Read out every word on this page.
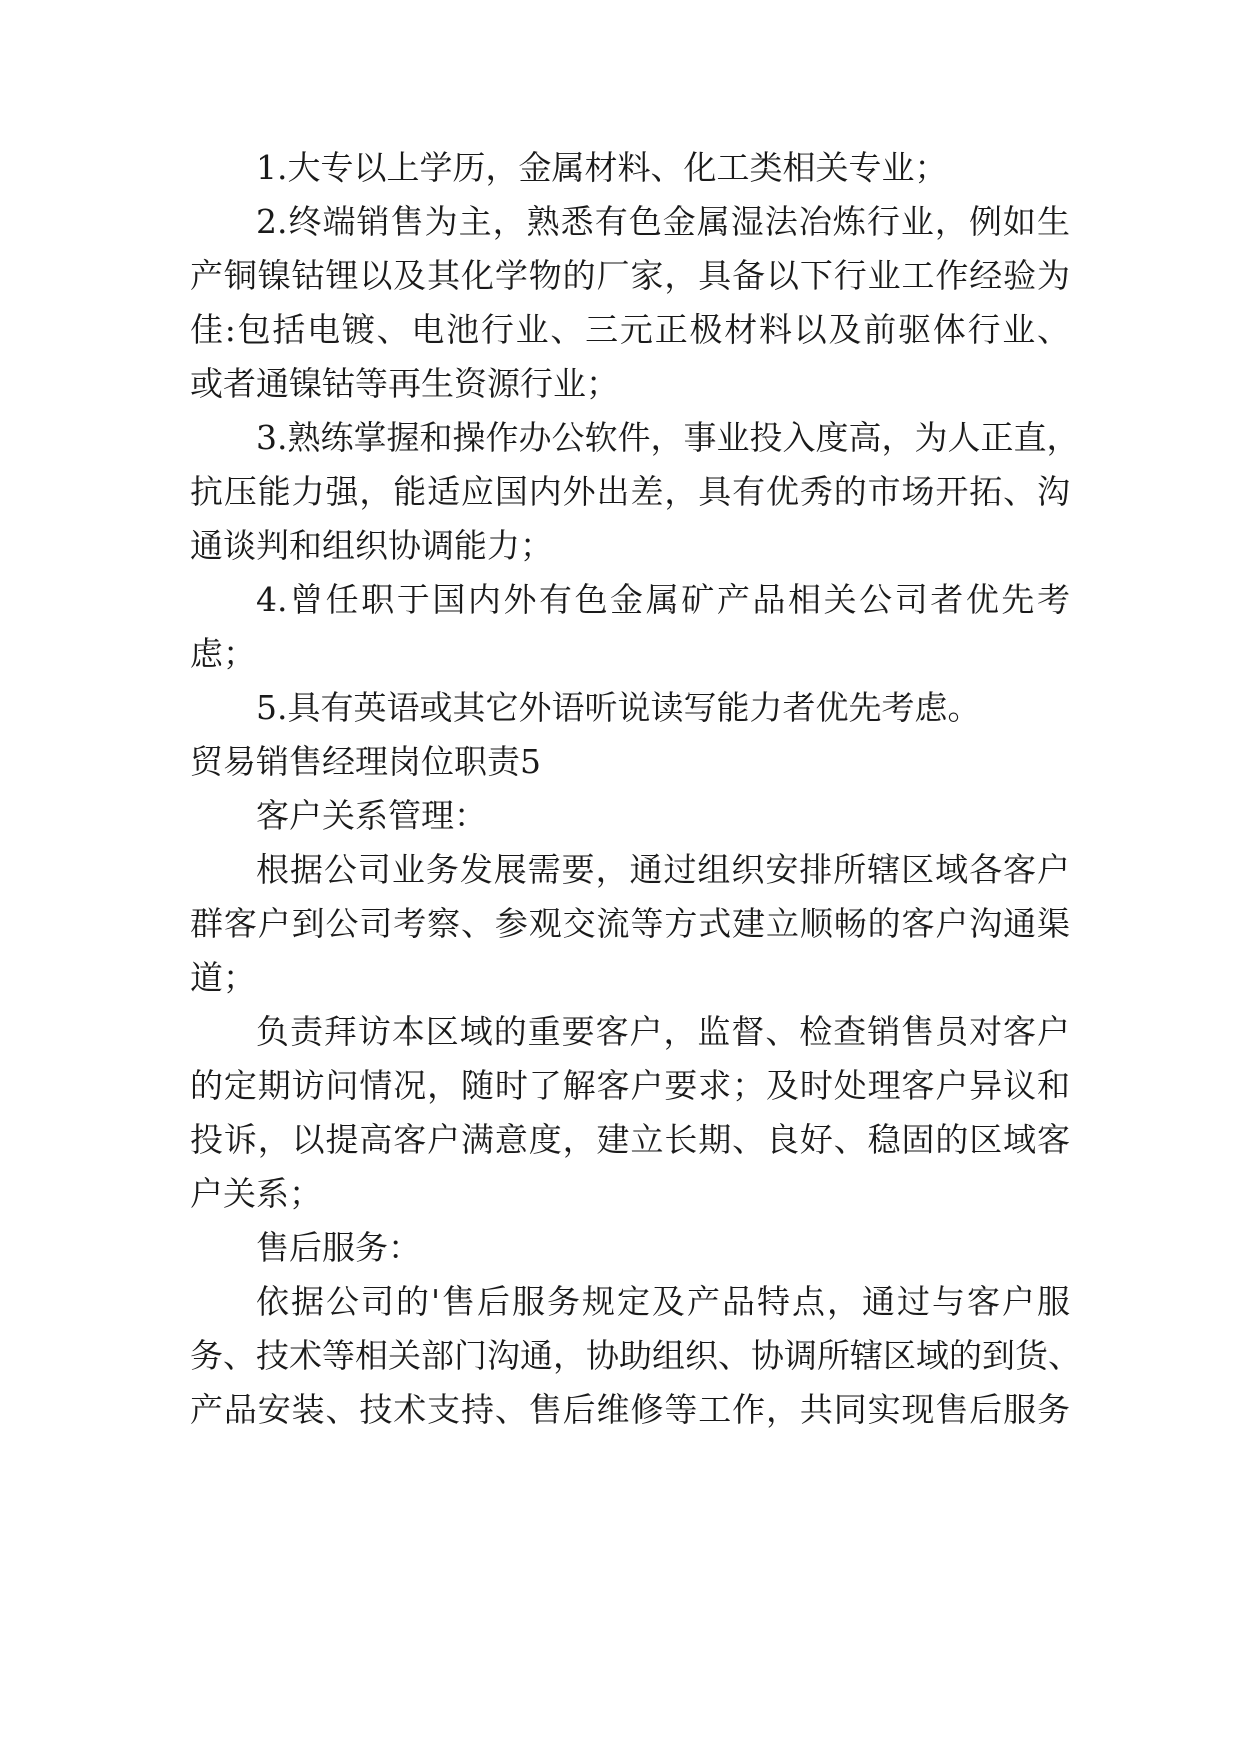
1.大专以上学历，金属材料、化工类相关专业；

2.终端销售为主，熟悉有色金属湿法冶炼行业，例如生

产铜镍钴锂以及其化学物的厂家，具备以下行业工作经验为

佳:包括电镀、电池行业、三元正极材料以及前驱体行业、

或者通镍钴等再生资源行业；

3.熟练掌握和操作办公软件，事业投入度高，为人正直，

抗压能力强，能适应国内外出差，具有优秀的市场开拓、沟

通谈判和组织协调能力；

4.曾任职于国内外有色金属矿产品相关公司者优先考

虑；

5.具有英语或其它外语听说读写能力者优先考虑。

贸易销售经理岗位职责5

客户关系管理：

根据公司业务发展需要，通过组织安排所辖区域各客户

群客户到公司考察、参观交流等方式建立顺畅的客户沟通渠

道；

负责拜访本区域的重要客户，监督、检查销售员对客户

的定期访问情况，随时了解客户要求；及时处理客户异议和

投诉，以提高客户满意度，建立长期、良好、稳固的区域客

户关系；

售后服务：

依据公司的'售后服务规定及产品特点，通过与客户服

务、技术等相关部门沟通，协助组织、协调所辖区域的到货、

产品安装、技术支持、售后维修等工作，共同实现售后服务
